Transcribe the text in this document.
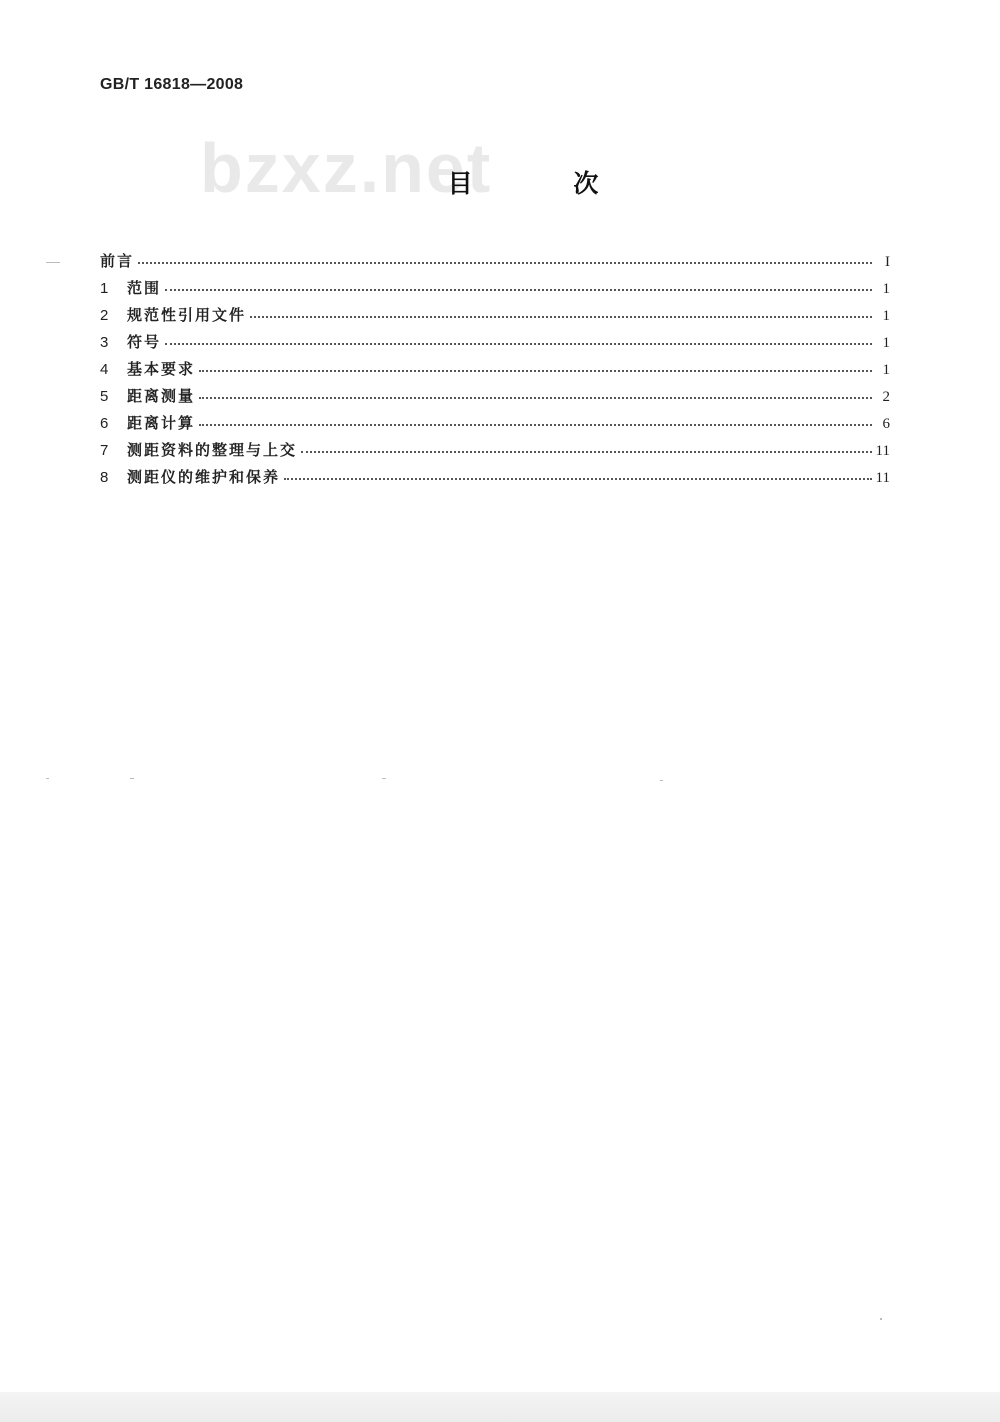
GB/T 16818—2008
bzxz.net
目 次
前言	I
1	范围	1
2	规范性引用文件	1
3	符号	1
4	基本要求	1
5	距离测量	2
6	距离计算	6
7	测距资料的整理与上交	11
8	测距仪的维护和保养	11
